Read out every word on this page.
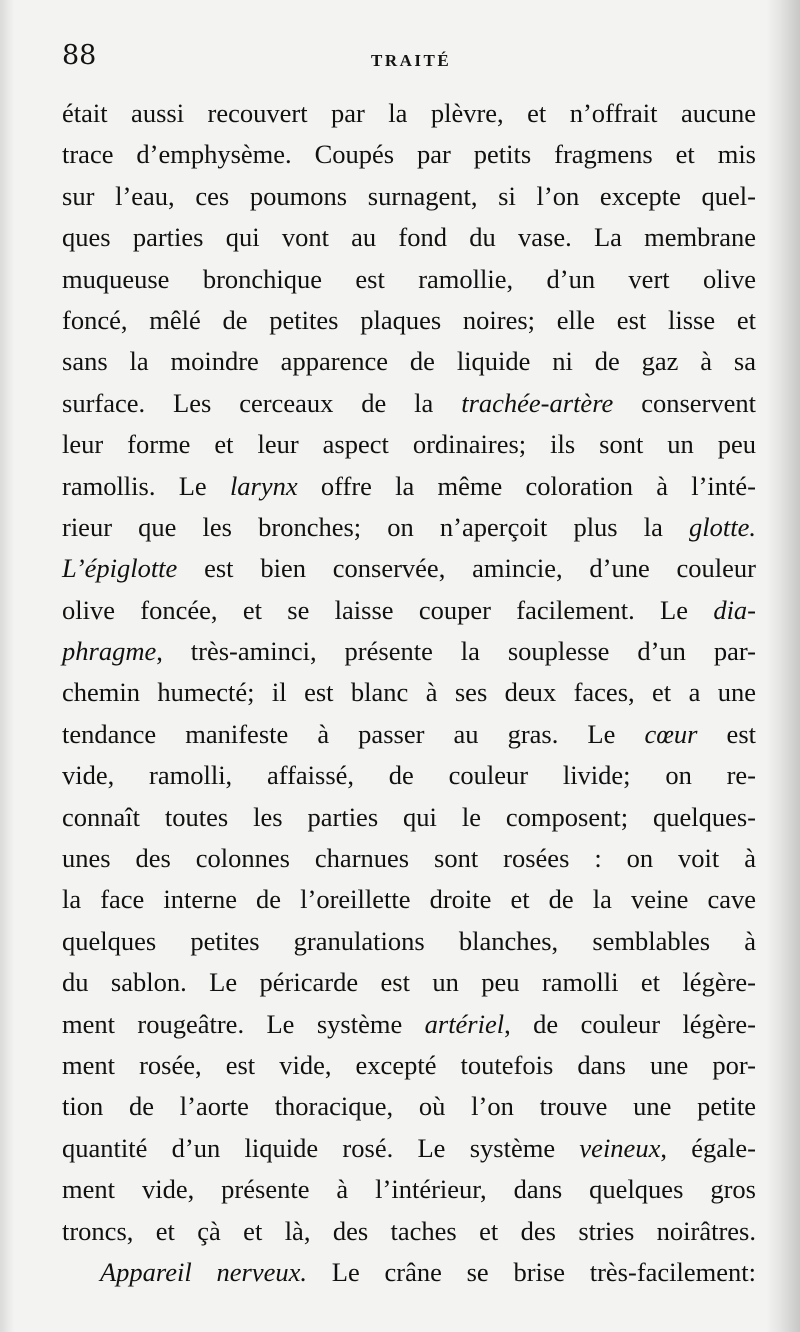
88	TRAITÉ
était aussi recouvert par la plèvre, et n’offrait aucune
trace d’emphysème. Coupés par petits fragmens et mis
sur l’eau, ces poumons surnagent, si l’on excepte quel-
ques parties qui vont au fond du vase. La membrane
muqueuse bronchique est ramollie, d’un vert olive
foncé, mêlé de petites plaques noires; elle est lisse et
sans la moindre apparence de liquide ni de gaz à sa
surface. Les cerceaux de la trachée-artère conservent
leur forme et leur aspect ordinaires; ils sont un peu
ramollis. Le larynx offre la même coloration à l’inté-
rieur que les bronches; on n’aperçoit plus la glotte.
L’épiglotte est bien conservée, amincie, d’une couleur
olive foncée, et se laisse couper facilement. Le dia-
phragme, très-aminci, présente la souplesse d’un par-
chemin humecté; il est blanc à ses deux faces, et a une
tendance manifeste à passer au gras. Le cœur est
vide, ramolli, affaissé, de couleur livide; on re-
connaît toutes les parties qui le composent; quelques-
unes des colonnes charnues sont rosées : on voit à
la face interne de l’oreillette droite et de la veine cave
quelques petites granulations blanches, semblables à
du sablon. Le péricarde est un peu ramolli et légère-
ment rougeâtre. Le système artériel, de couleur légère-
ment rosée, est vide, excepté toutefois dans une por-
tion de l’aorte thoracique, où l’on trouve une petite
quantité d’un liquide rosé. Le système veineux, égale-
ment vide, présente à l’intérieur, dans quelques gros
troncs, et çà et là, des taches et des stries noirâtres.
Appareil nerveux. Le crâne se brise très-facilement:
